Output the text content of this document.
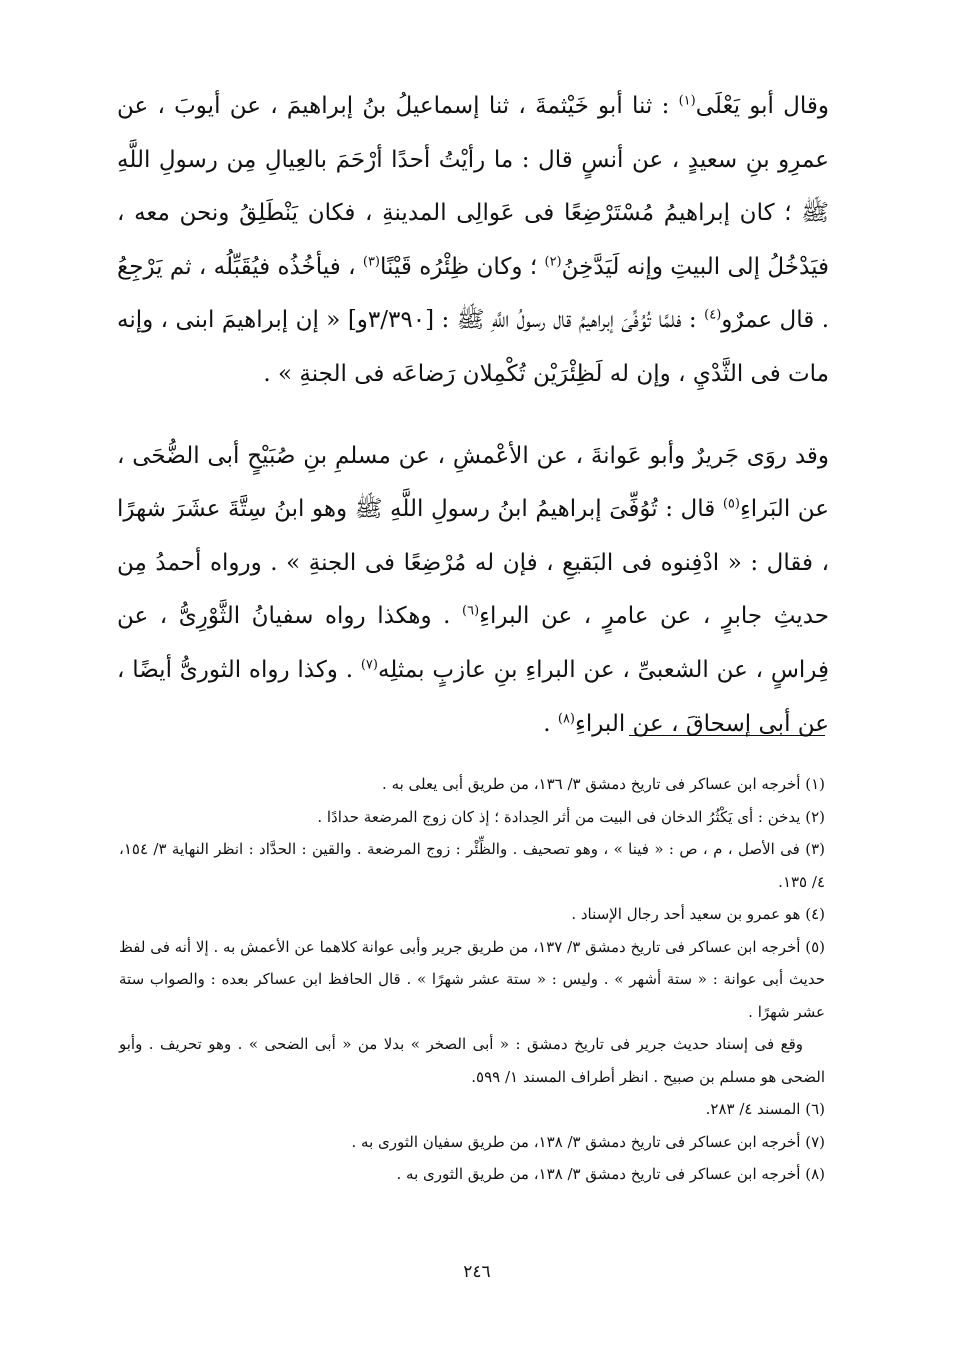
وقال أبو يَعْلَى$^{(١)}$ : ثنا أبو خَيْثمةَ ، ثنا إسماعيلُ بنُ إبراهيمَ ، عن أيوبَ ، عن عمرِو بنِ سعيدٍ ، عن أنسٍ قال : ما رأيْتُ أحدًا أرْحَمَ بالعِيالِ مِن رسولِ اللَّهِ ﷺ ؛ كان إبراهيمُ مُسْتَرْضِعًا فى عَوالِى المدينةِ ، فكان يَنْطَلِقُ ونحن معه ، فيَدْخُلُ إلى البيتِ وإنه لَيَدَّخِنُ$^{(٢)}$ ؛ وكان ظِئْرُه قَيْنًا$^{(٣)}$ ، فيأخُذُه فيُقَبِّلُه ، ثم يَرْجِعُ . قال عمرٌو$^{(٤)}$ : فلمَّا تُوُفِّىَ إبراهيمُ قال رسولُ اللَّهِ ﷺ : [٣/٣٩٠و] « إن إبراهيمَ ابنى ، وإنه مات فى الثَّدْيِ ، وإن له لَظِئْرَيْن تُكْمِلان رَضاعَه فى الجنةِ » .

وقد روَى جَريرٌ وأبو عَوانةَ ، عن الأعْمشِ ، عن مسلمِ بنِ صُبَيْحٍ أبى الضُّحَى ، عن البَراءِ$^{(٥)}$ قال : تُوُفِّىَ إبراهيمُ ابنُ رسولِ اللَّهِ ﷺ وهو ابنُ سِتَّةَ عشَرَ شهرًا ، فقال : « ادْفِنوه فى البَقيعِ ، فإن له مُرْضِعًا فى الجنةِ » . ورواه أحمدُ مِن حديثِ جابرٍ ، عن عامرٍ ، عن البراءِ$^{(٦)}$ . وهكذا رواه سفيانُ الثَّوْرِىُّ ، عن فِراسٍ ، عن الشعبىِّ ، عن البراءِ بنِ عازبٍ بمثلِه$^{(٧)}$ . وكذا رواه الثورىُّ أيضًا ، عن أبى إسحاقَ ، عن البراءِ$^{(٨)}$ .

(١) أخرجه ابن عساكر فى تاريخ دمشق ٣/ ١٣٦، من طريق أبى يعلى به .

(٢) يدخن : أى يَكْثُرُ الدخان فى البيت من أثر الحِدادة ؛ إذ كان زوج المرضعة حدادًا .

(٣) فى الأصل ، م ، ص : « فينا » ، وهو تصحيف . والظِّئْر : زوج المرضعة . والقين : الحدَّاد : انظر النهاية ٣/ ١٥٤، ٤/ ١٣٥.

(٤) هو عمرو بن سعيد أحد رجال الإسناد .

(٥) أخرجه ابن عساكر فى تاريخ دمشق ٣/ ١٣٧، من طريق جرير وأبى عوانة كلاهما عن الأعمش به . إلا أنه فى لفظ حديث أبى عوانة : « ستة أشهر » . وليس : « ستة عشر شهرًا » . قال الحافظ ابن عساكر بعده : والصواب ستة عشر شهرًا .

وقع فى إسناد حديث جرير فى تاريخ دمشق : « أبى الصخر » بدلا من « أبى الضحى » . وهو تحريف . وأبو الضحى هو مسلم بن صبيح . انظر أطراف المسند ١/ ٥٩٩.

(٦) المسند ٤/ ٢٨٣.

(٧) أخرجه ابن عساكر فى تاريخ دمشق ٣/ ١٣٨، من طريق سفيان الثورى به .

(٨) أخرجه ابن عساكر فى تاريخ دمشق ٣/ ١٣٨، من طريق الثورى به .

٢٤٦
